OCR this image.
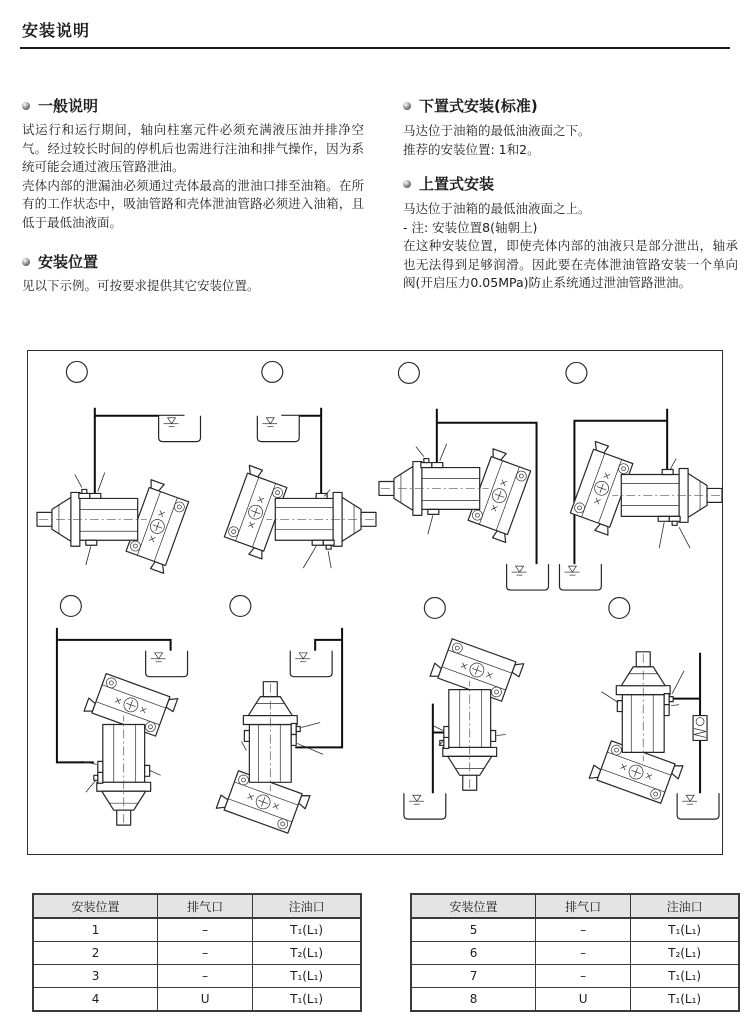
安装说明
一般说明

试运行和运行期间，轴向柱塞元件必须充满液压油并排净空气。经过较长时间的停机后也需进行注油和排气操作，因为系统可能会通过液压管路泄油。

壳体内部的泄漏油必须通过壳体最高的泄油口排至油箱。在所有的工作状态中，吸油管路和壳体泄油管路必须进入油箱，且低于最低油液面。

安装位置

见以下示例。可按要求提供其它安装位置。

下置式安装(标准)
马达位于油箱的最低油液面之下。
推荐的安装位置: 1和2。
上置式安装
马达位于油箱的最低油液面之上。
- 注: 安装位置8(轴朝上)

在这种安装位置，即使壳体内部的油液只是部分泄出，轴承也无法得到足够润滑。因此要在壳体泄油管路安装一个单向阀(开启压力0.05MPa)防止系统通过泄油管路泄油。

安装位置	排气口	注油口
1	–	T₁(L₁)
2	–	T₂(L₁)
3	–	T₁(L₁)
4	U	T₁(L₁)
安装位置	排气口	注油口
5	–	T₁(L₁)
6	–	T₂(L₁)
7	–	T₁(L₁)
8	U	T₁(L₁)
